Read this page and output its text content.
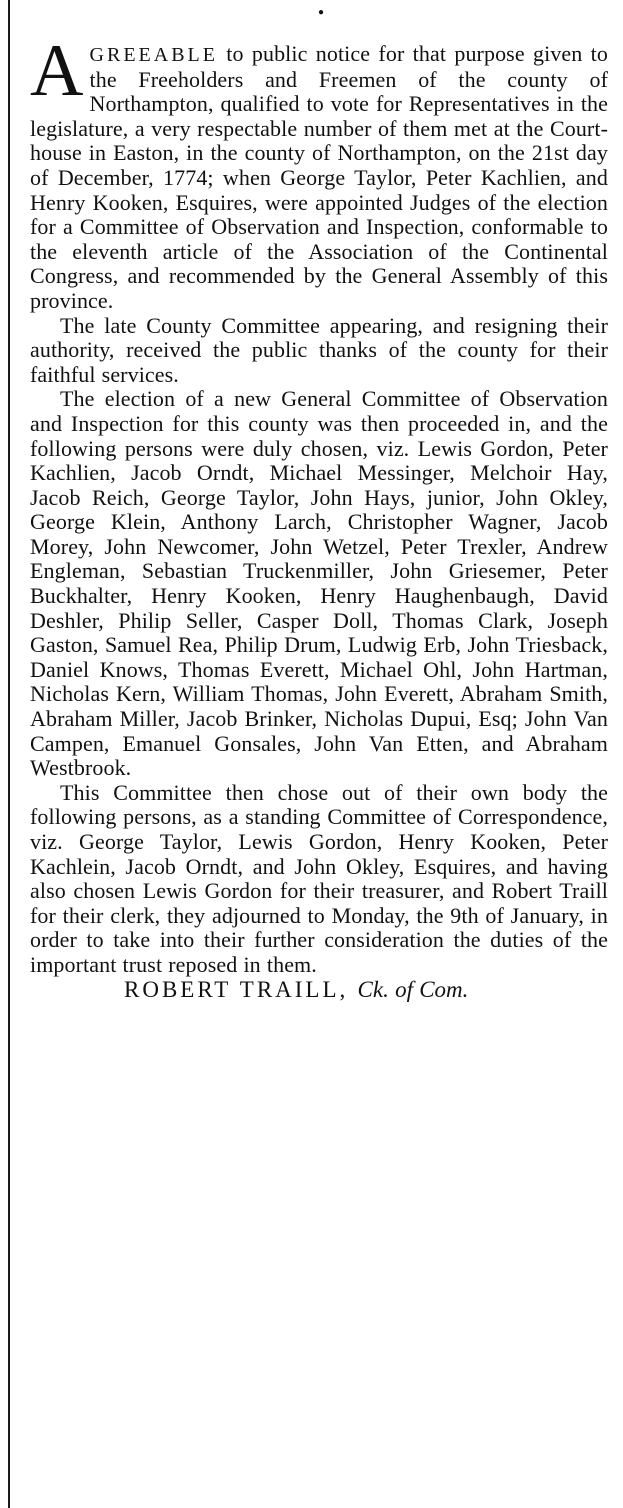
●

AGREEABLE to public notice for that purpose given to the Freeholders and Freemen of the county of Northampton, qualified to vote for Representatives in the legislature, a very respectable number of them met at the Court-house in Easton, in the county of Northampton, on the 21st day of December, 1774; when George Taylor, Peter Kachlien, and Henry Kooken, Esquires, were appointed Judges of the election for a Committee of Observation and Inspection, conformable to the eleventh article of the Association of the Continental Congress, and recommended by the General Assembly of this province.

The late County Committee appearing, and resigning their authority, received the public thanks of the county for their faithful services.

The election of a new General Committee of Observation and Inspection for this county was then proceeded in, and the following persons were duly chosen, viz. Lewis Gordon, Peter Kachlien, Jacob Orndt, Michael Messinger, Melchoir Hay, Jacob Reich, George Taylor, John Hays, junior, John Okley, George Klein, Anthony Larch, Christopher Wagner, Jacob Morey, John Newcomer, John Wetzel, Peter Trexler, Andrew Engleman, Sebastian Truckenmiller, John Griesemer, Peter Buckhalter, Henry Kooken, Henry Haughenbaugh, David Deshler, Philip Seller, Casper Doll, Thomas Clark, Joseph Gaston, Samuel Rea, Philip Drum, Ludwig Erb, John Triesback, Daniel Knows, Thomas Everett, Michael Ohl, John Hartman, Nicholas Kern, William Thomas, John Everett, Abraham Smith, Abraham Miller, Jacob Brinker, Nicholas Dupui, Esq; John Van Campen, Emanuel Gonsales, John Van Etten, and Abraham Westbrook.

This Committee then chose out of their own body the following persons, as a standing Committee of Correspondence, viz. George Taylor, Lewis Gordon, Henry Kooken, Peter Kachlein, Jacob Orndt, and John Okley, Esquires, and having also chosen Lewis Gordon for their treasurer, and Robert Traill for their clerk, they adjourned to Monday, the 9th of January, in order to take into their further consideration the duties of the important trust reposed in them.

ROBERT TRAILL, Ck. of Com.
